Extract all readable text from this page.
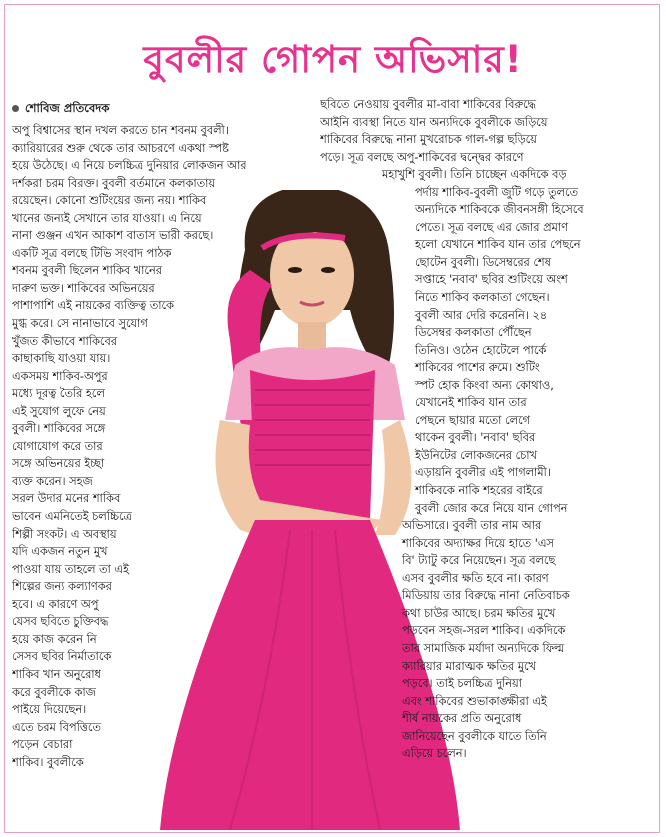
বুবলীর গোপন অভিসার!
শোবিজ প্রতিবেদক
অপু বিশ্বাসের স্থান দখল করতে চান শবনম বুবলী।
ক্যারিয়ারের শুরু থেকে তার আচরণে একথা স্পষ্ট
হয়ে উঠেছে। এ নিয়ে চলচ্চিত্র দুনিয়ার লোকজন আর
দর্শকরা চরম বিরক্ত। বুবলী বর্তমানে কলকাতায়
রয়েছেন। কোনো শুটিংয়ের জন্য নয়। শাকিব
খানের জন্যই সেখানে তার যাওয়া। এ নিয়ে
নানা গুঞ্জন এখন আকাশ বাতাস ভারী করছে।
একটি সূত্র বলছে টিভি সংবাদ পাঠক
শবনম বুবলী ছিলেন শাকিব খানের
দারুণ ভক্ত। শাকিবের অভিনয়ের
পাশাপাশি এই নায়কের ব্যক্তিত্ব তাকে
মুগ্ধ করে। সে নানাভাবে সুযোগ
খুঁজত কীভাবে শাকিবের
কাছাকাছি যাওয়া যায়।
একসময় শাকিব-অপুর
মধ্যে দূরত্ব তৈরি হলে
এই সুযোগ লুফে নেয়
বুবলী। শাকিবের সঙ্গে
যোগাযোগ করে তার
সঙ্গে অভিনয়ের ইচ্ছা
ব্যক্ত করেন। সহজ
সরল উদার মনের শাকিব
ভাবেন এমনিতেই চলচ্চিত্রে
শিল্পী সংকট। এ অবস্থায়
যদি একজন নতুন মুখ
পাওয়া যায় তাহলে তা এই
শিল্পের জন্য কল্যাণকর
হবে। এ কারণে অপু
যেসব ছবিতে চুক্তিবদ্ধ
হয়ে কাজ করেন নি
সেসব ছবির নির্মাতাকে
শাকিব খান অনুরোধ
করে বুবলীকে কাজ
পাইয়ে দিয়েছেন।
এতে চরম বিপত্তিতে
পড়েন বেচারা
শাকিব। বুবলীকে
ছবিতে নেওয়ায় বুবলীর মা-বাবা শাকিবের বিরুদ্ধে
আইনি ব্যবস্থা নিতে যান অন্যদিকে বুবলীকে জড়িয়ে
শাকিবের বিরুদ্ধে নানা মুখরোচক গাল-গল্প ছড়িয়ে
পড়ে। সূত্র বলছে অপু-শাকিবের দ্বন্দ্বের কারণে
মহাখুশি বুবলী। তিনি চাচ্ছেন একদিকে বড়
পর্দায় শাকিব-বুবলী জুটি গড়ে তুলতে
অন্যদিকে শাকিবকে জীবনসঙ্গী হিসেবে
পেতে। সূত্র বলছে এর জোর প্রমাণ
হলো যেখানে শাকিব যান তার পেছনে
ছোটেন বুবলী। ডিসেম্বরের শেষ
সপ্তাহে 'নবাব' ছবির শুটিংয়ে অংশ
নিতে শাকিব কলকাতা গেছেন।
বুবলী আর দেরি করেননি। ২৪
ডিসেম্বর কলকাতা পৌঁছেন
তিনিও। ওঠেন হোটেলে পার্কে
শাকিবের পাশের রুমে। শুটিং
স্পট হোক কিংবা অন্য কোথাও,
যেখানেই শাকিব যান তার
পেছনে ছায়ার মতো লেগে
থাকেন বুবলী। 'নবাব' ছবির
ইউনিটের লোকজনের চোখ
এড়ায়নি বুবলীর এই পাগলামী।
শাকিবকে নাকি শহরের বাইরে
বুবলী জোর করে নিয়ে যান গোপন
অভিসারে। বুবলী তার নাম আর
শাকিবের অদ্যাক্ষর দিয়ে হাতে 'এস
বি' ট্যাটু করে নিয়েছেন। সূত্র বলছে
এসব বুবলীর ক্ষতি হবে না। কারণ
মিডিয়ায় তার বিরুদ্ধে নানা নেতিবাচক
কথা চাউর আছে। চরম ক্ষতির মুখে
পড়বেন সহজ-সরল শাকিব। একদিকে
তার সামাজিক মর্যাদা অন্যদিকে ফিল্ম
ক্যারিয়ার মারাত্মক ক্ষতির মুখে
পড়বে। তাই চলচ্চিত্র দুনিয়া
এবং শাকিবের শুভাকাঙ্ক্ষীরা এই
শীর্ষ নায়কের প্রতি অনুরোধ
জানিয়েছেন বুবলীকে যাতে তিনি
এড়িয়ে চলেন।
